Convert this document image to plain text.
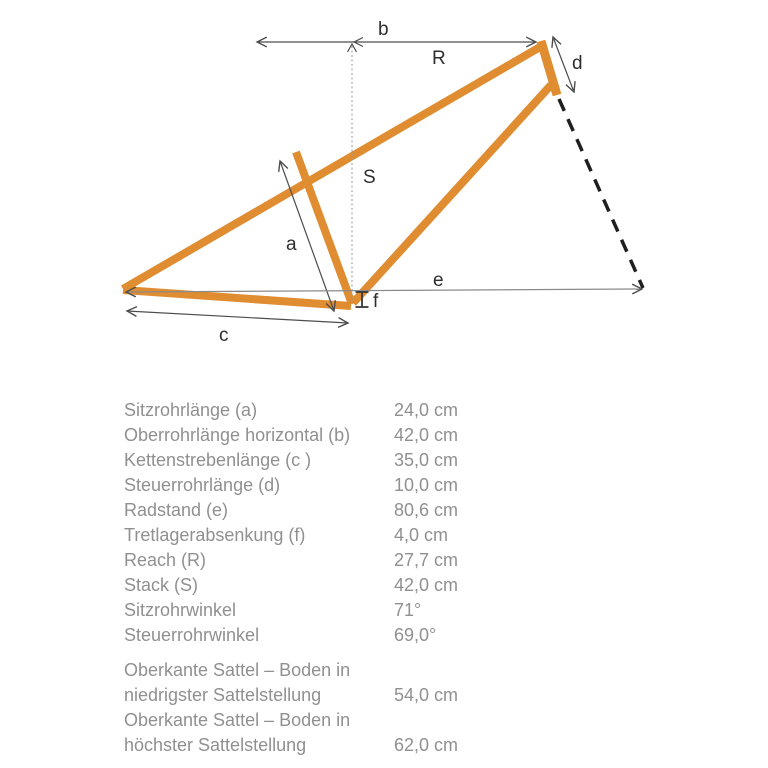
b
R	d
S
a
e
f
c
Sitzrohrlänge (a)	24,0 cm
Oberrohrlänge horizontal (b)	42,0 cm
Kettenstrebenlänge (c )	35,0 cm
Steuerrohrlänge (d)	10,0 cm
Radstand (e)	80,6 cm
Tretlagerabsenkung (f)	4,0 cm
Reach (R)	27,7 cm
Stack (S)	42,0 cm
Sitzrohrwinkel	71°
Steuerrohrwinkel	69,0°
Oberkante Sattel – Boden in niedrigster Sattelstellung	54,0 cm
Oberkante Sattel – Boden in höchster Sattelstellung	62,0 cm
